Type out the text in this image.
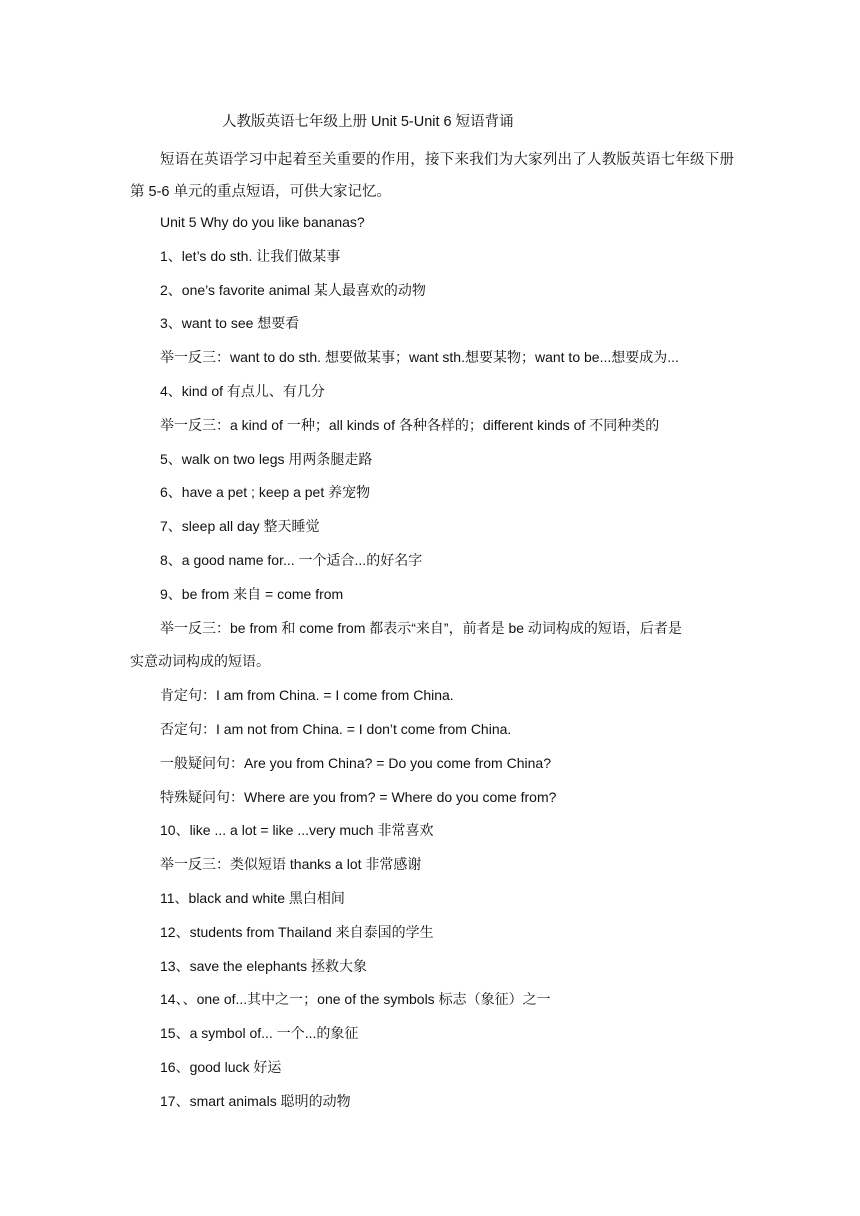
人教版英语七年级上册 Unit 5-Unit 6 短语背诵
短语在英语学习中起着至关重要的作用，接下来我们为大家列出了人教版英语七年级下册第 5-6 单元的重点短语，可供大家记忆。
Unit 5 Why do you like bananas?
1、let’s do sth. 让我们做某事
2、one’s favorite animal 某人最喜欢的动物
3、want to see 想要看
举一反三：want to do sth. 想要做某事；want sth.想要某物；want to be...想要成为...
4、kind of 有点儿、有几分
举一反三：a kind of 一种；all kinds of 各种各样的；different kinds of 不同种类的
5、walk on two legs 用两条腿走路
6、have a pet ; keep a pet 养宠物
7、sleep all day 整天睡觉
8、a good name for... 一个适合...的好名字
9、be from 来自 = come from
举一反三：be from 和 come from 都表示“来自”，前者是 be 动词构成的短语，后者是
实意动词构成的短语。
肯定句：I am from China. = I come from China.
否定句：I am not from China. = I don’t come from China.
一般疑问句：Are you from China? = Do you come from China?
特殊疑问句：Where are you from? = Where do you come from?
10、like ... a lot = like ...very much 非常喜欢
举一反三：类似短语 thanks a lot 非常感谢
11、black and white 黑白相间
12、students from Thailand 来自泰国的学生
13、save the elephants 拯救大象
14、、one of...其中之一；one of the symbols 标志（象征）之一
15、a symbol of... 一个...的象征
16、good luck 好运
17、smart animals 聪明的动物
